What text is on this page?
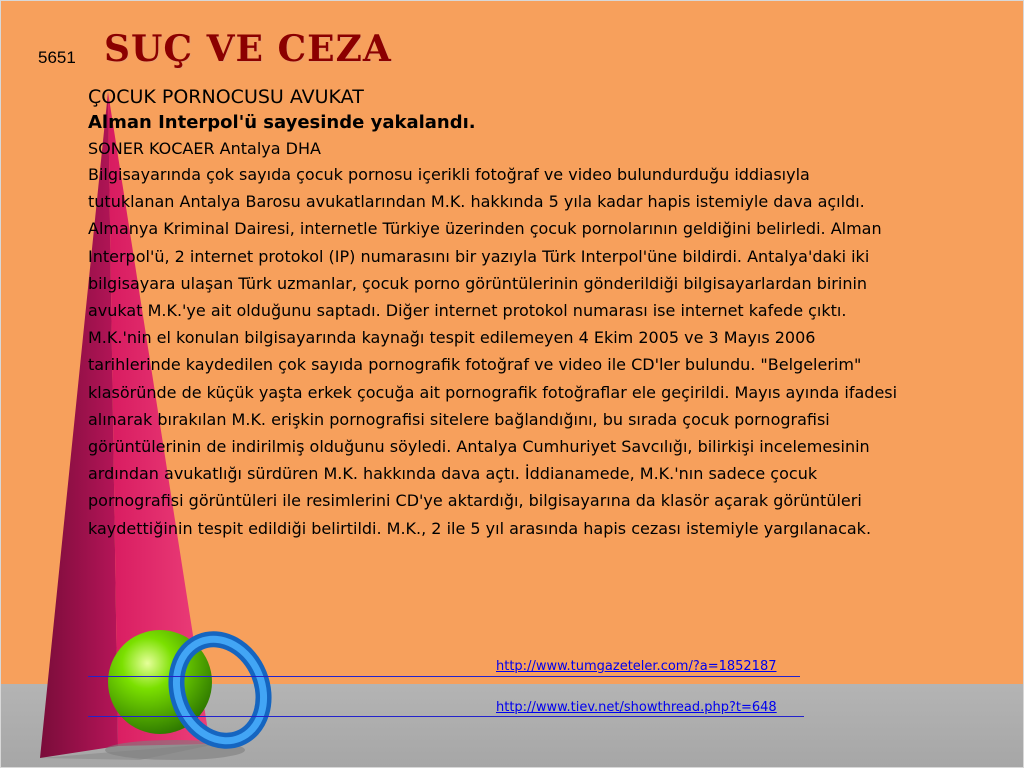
5651 SUÇ VE CEZA

ÇOCUK PORNOCUSU AVUKAT

Alman Interpol'ü sayesinde yakalandı.

SONER KOCAER Antalya DHA

Bilgisayarında çok sayıda çocuk pornosu içerikli fotoğraf ve video bulundurduğu iddiasıyla tutuklanan Antalya Barosu avukatlarından M.K. hakkında 5 yıla kadar hapis istemiyle dava açıldı. Almanya Kriminal Dairesi, internetle Türkiye üzerinden çocuk pornolarının geldiğini belirledi. Alman Interpol'ü, 2 internet protokol (IP) numarasını bir yazıyla Türk Interpol'üne bildirdi. Antalya'daki iki bilgisayara ulaşan Türk uzmanlar, çocuk porno görüntülerinin gönderildiği bilgisayarlardan birinin avukat M.K.'ye ait olduğunu saptadı. Diğer internet protokol numarası ise internet kafede çıktı.

M.K.'nin el konulan bilgisayarında kaynağı tespit edilemeyen 4 Ekim 2005 ve 3 Mayıs 2006 tarihlerinde kaydedilen çok sayıda pornografik fotoğraf ve video ile CD'ler bulundu. "Belgelerim" klasöründe de küçük yaşta erkek çocuğa ait pornografik fotoğraflar ele geçirildi. Mayıs ayında ifadesi alınarak bırakılan M.K. erişkin pornografisi sitelere bağlandığını, bu sırada çocuk pornografisi görüntülerinin de indirilmiş olduğunu söyledi. Antalya Cumhuriyet Savcılığı, bilirkişi incelemesinin ardından avukatlığı sürdüren M.K. hakkında dava açtı. İddianamede, M.K.'nın sadece çocuk pornografisi görüntüleri ile resimlerini CD'ye aktardığı, bilgisayarına da klasör açarak görüntüleri kaydettiğinin tespit edildiği belirtildi. M.K., 2 ile 5 yıl arasında hapis cezası istemiyle yargılanacak.

http://www.tumgazeteler.com/?a=1852187
http://www.tiev.net/showthread.php?t=648
